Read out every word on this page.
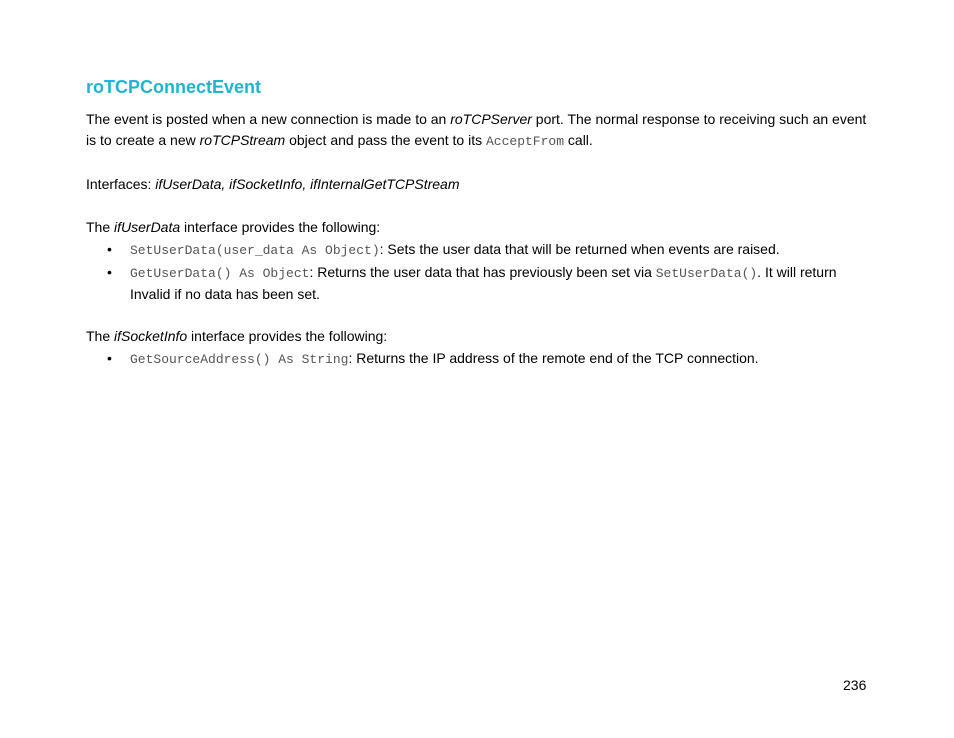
roTCPConnectEvent

The event is posted when a new connection is made to an roTCPServer port. The normal response to receiving such an event is to create a new roTCPStream object and pass the event to its AcceptFrom call.

Interfaces: ifUserData, ifSocketInfo, ifInternalGetTCPStream

The ifUserData interface provides the following:

• SetUserData(user_data As Object): Sets the user data that will be returned when events are raised.
• GetUserData() As Object: Returns the user data that has previously been set via SetUserData(). It will return Invalid if no data has been set.

The ifSocketInfo interface provides the following:

• GetSourceAddress() As String: Returns the IP address of the remote end of the TCP connection.
236
